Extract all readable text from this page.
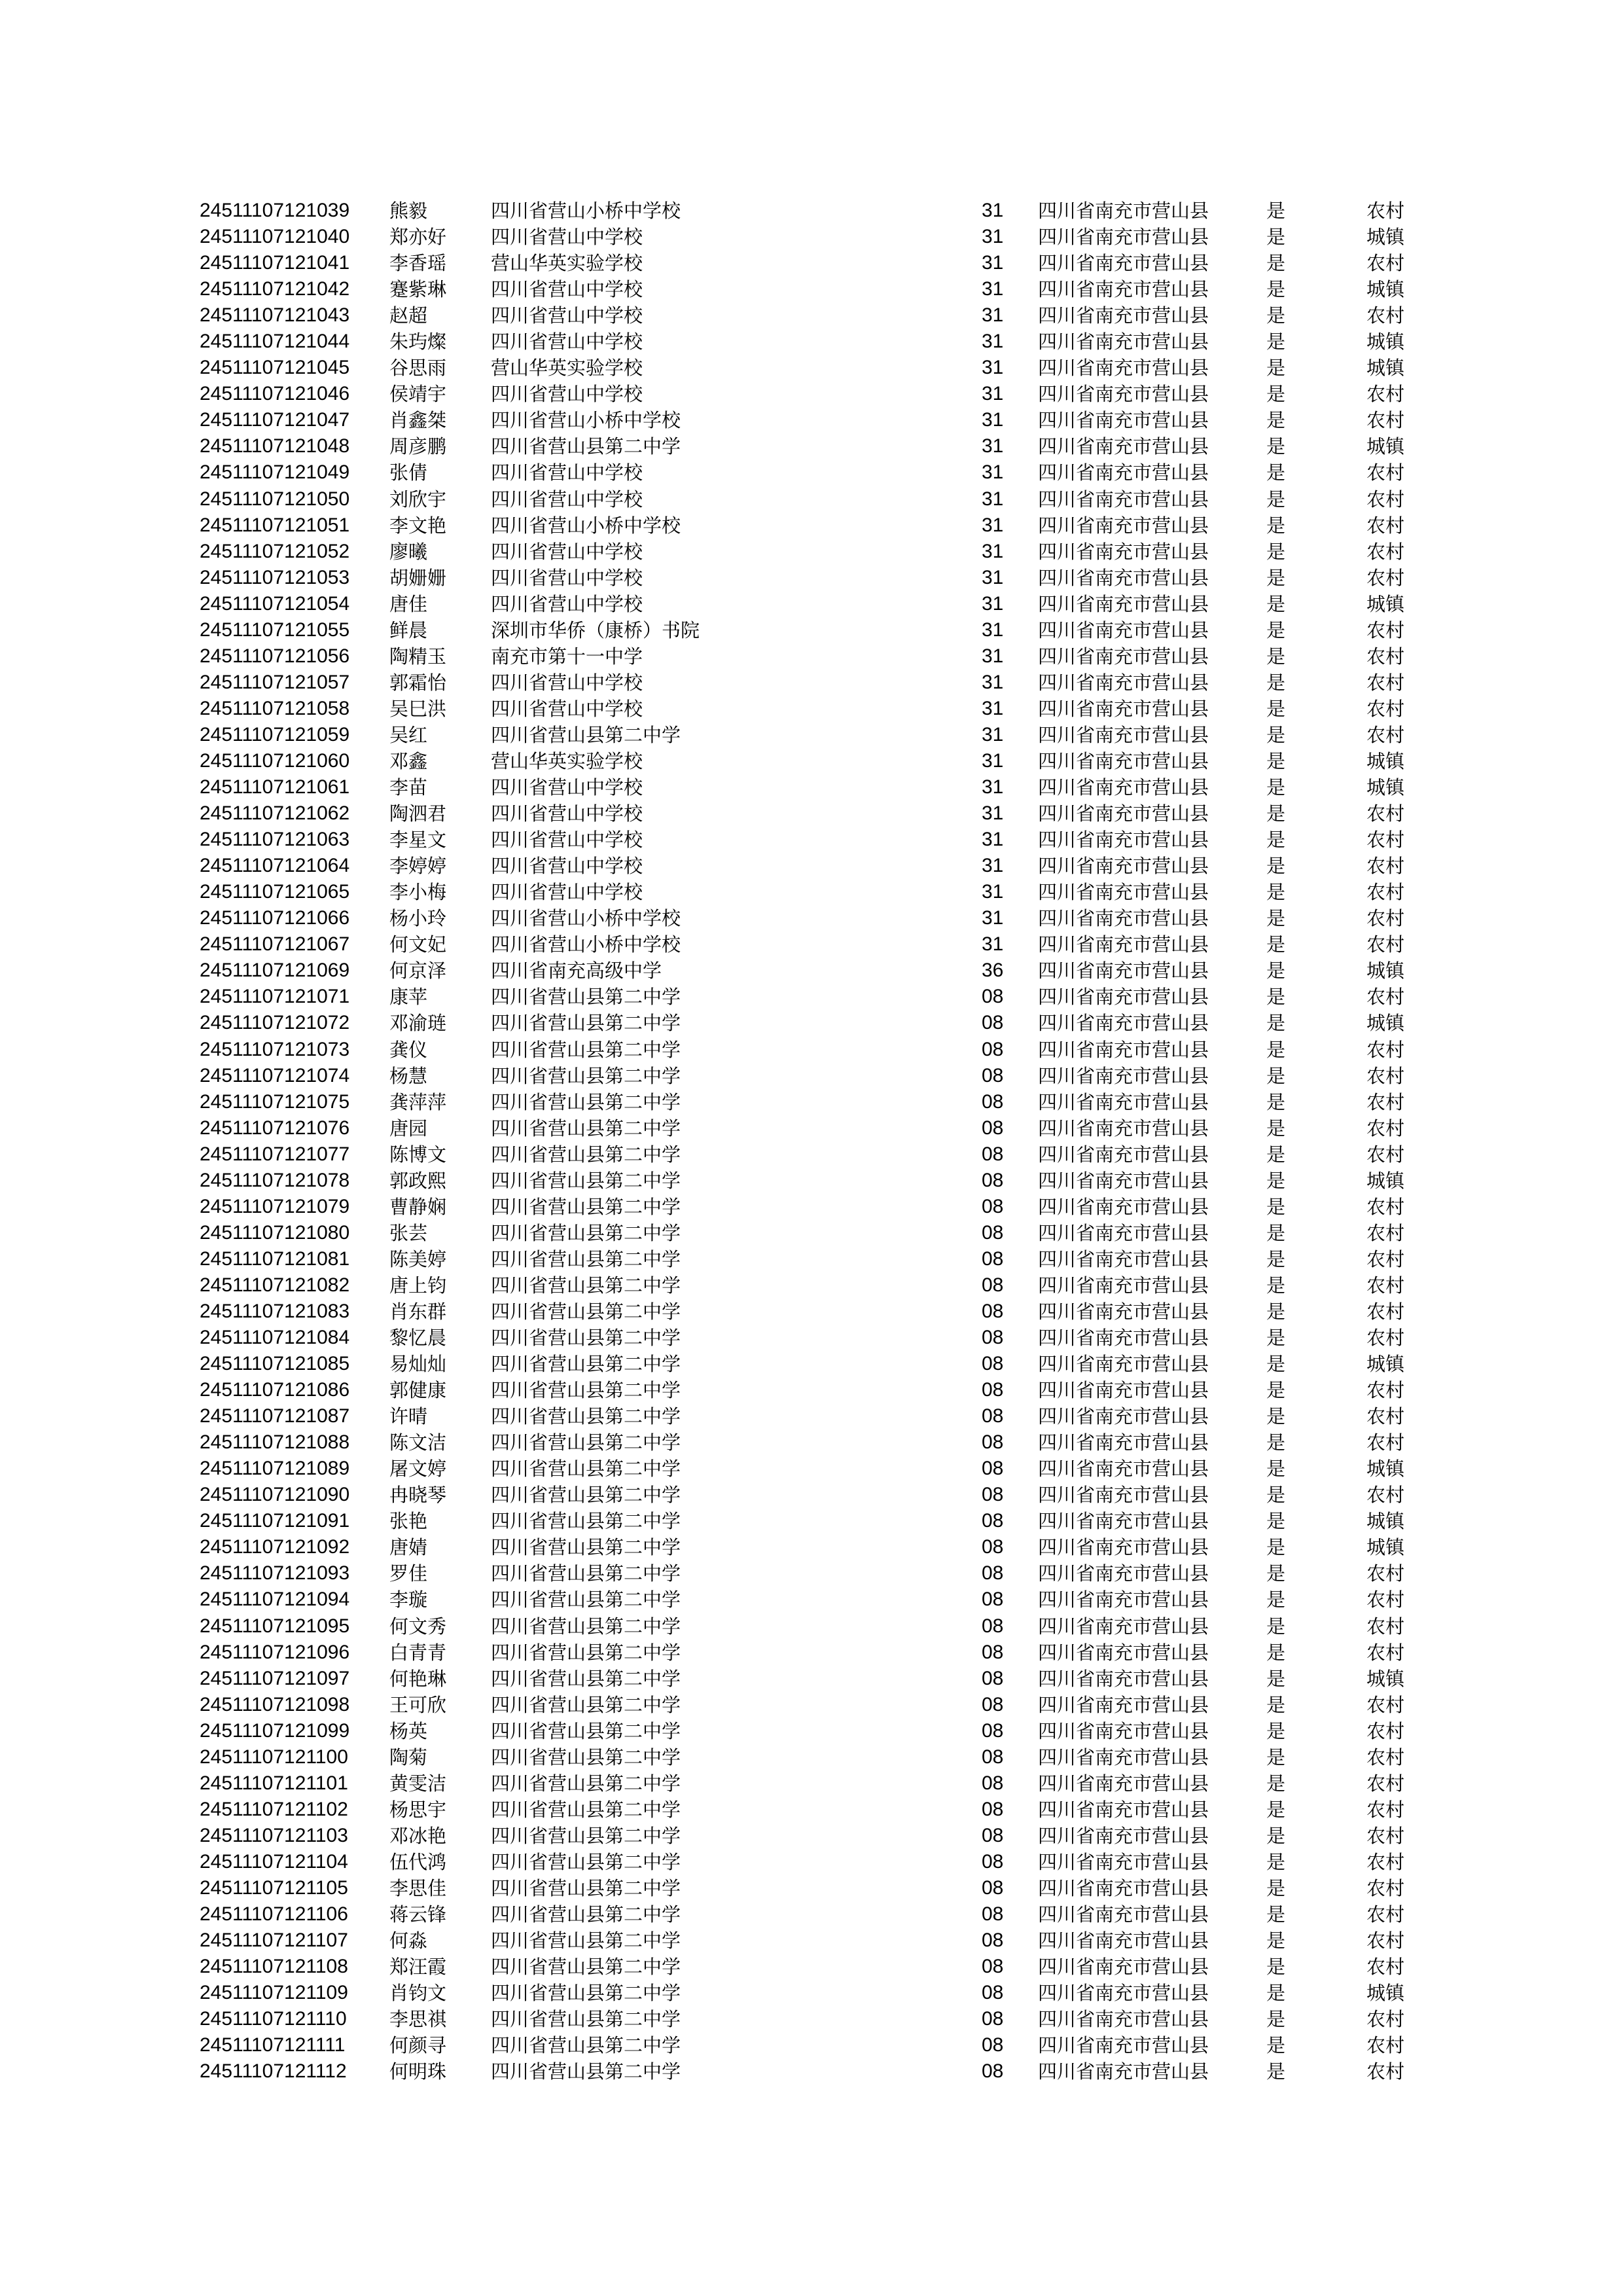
24511107121039 熊毅	四川省营山小桥中学校	31 四川省南充市营山县	是	农村
24511107121040 郑亦好 四川省营山中学校	31 四川省南充市营山县	是	城镇
24511107121041 李香瑶 营山华英实验学校	31 四川省南充市营山县	是	农村
24511107121042 蹇紫琳 四川省营山中学校	31 四川省南充市营山县	是	城镇
24511107121043 赵超	四川省营山中学校	31 四川省南充市营山县	是	农村
24511107121044 朱玙燦 四川省营山中学校	31 四川省南充市营山县	是	城镇
24511107121045 谷思雨 营山华英实验学校	31 四川省南充市营山县	是	城镇
24511107121046 侯靖宇 四川省营山中学校	31 四川省南充市营山县	是	农村
24511107121047 肖鑫桀 四川省营山小桥中学校	31 四川省南充市营山县	是	农村
24511107121048 周彦鹏 四川省营山县第二中学	31 四川省南充市营山县	是	城镇
24511107121049 张倩	四川省营山中学校	31 四川省南充市营山县	是	农村
24511107121050 刘欣宇 四川省营山中学校	31 四川省南充市营山县	是	农村
24511107121051 李文艳 四川省营山小桥中学校	31 四川省南充市营山县	是	农村
24511107121052 廖曦	四川省营山中学校	31 四川省南充市营山县	是	农村
24511107121053 胡姗姗 四川省营山中学校	31 四川省南充市营山县	是	农村
24511107121054 唐佳	四川省营山中学校	31 四川省南充市营山县	是	城镇
24511107121055 鲜晨	深圳市华侨（康桥）书院	31 四川省南充市营山县	是	农村
24511107121056 陶精玉 南充市第十一中学	31 四川省南充市营山县	是	农村
24511107121057 郭霜怡 四川省营山中学校	31 四川省南充市营山县	是	农村
24511107121058 吴巳洪 四川省营山中学校	31 四川省南充市营山县	是	农村
24511107121059 吴红	四川省营山县第二中学	31 四川省南充市营山县	是	农村
24511107121060 邓鑫	营山华英实验学校	31 四川省南充市营山县	是	城镇
24511107121061 李苗	四川省营山中学校	31 四川省南充市营山县	是	城镇
24511107121062 陶泗君 四川省营山中学校	31 四川省南充市营山县	是	农村
24511107121063 李星文 四川省营山中学校	31 四川省南充市营山县	是	农村
24511107121064 李婷婷 四川省营山中学校	31 四川省南充市营山县	是	农村
24511107121065 李小梅 四川省营山中学校	31 四川省南充市营山县	是	农村
24511107121066 杨小玲 四川省营山小桥中学校	31 四川省南充市营山县	是	农村
24511107121067 何文妃 四川省营山小桥中学校	31 四川省南充市营山县	是	农村
24511107121069 何京泽 四川省南充高级中学	36 四川省南充市营山县	是	城镇
24511107121071 康苹	四川省营山县第二中学	08 四川省南充市营山县	是	农村
24511107121072 邓渝琏 四川省营山县第二中学	08 四川省南充市营山县	是	城镇
24511107121073 龚仪	四川省营山县第二中学	08 四川省南充市营山县	是	农村
24511107121074 杨慧	四川省营山县第二中学	08 四川省南充市营山县	是	农村
24511107121075 龚萍萍 四川省营山县第二中学	08 四川省南充市营山县	是	农村
24511107121076 唐园	四川省营山县第二中学	08 四川省南充市营山县	是	农村
24511107121077 陈博文 四川省营山县第二中学	08 四川省南充市营山县	是	农村
24511107121078 郭政熙 四川省营山县第二中学	08 四川省南充市营山县	是	城镇
24511107121079 曹静娴 四川省营山县第二中学	08 四川省南充市营山县	是	农村
24511107121080 张芸	四川省营山县第二中学	08 四川省南充市营山县	是	农村
24511107121081 陈美婷 四川省营山县第二中学	08 四川省南充市营山县	是	农村
24511107121082 唐上钧 四川省营山县第二中学	08 四川省南充市营山县	是	农村
24511107121083 肖东群 四川省营山县第二中学	08 四川省南充市营山县	是	农村
24511107121084 黎忆晨 四川省营山县第二中学	08 四川省南充市营山县	是	农村
24511107121085 易灿灿 四川省营山县第二中学	08 四川省南充市营山县	是	城镇
24511107121086 郭健康 四川省营山县第二中学	08 四川省南充市营山县	是	农村
24511107121087 许晴	四川省营山县第二中学	08 四川省南充市营山县	是	农村
24511107121088 陈文洁 四川省营山县第二中学	08 四川省南充市营山县	是	农村
24511107121089 屠文婷 四川省营山县第二中学	08 四川省南充市营山县	是	城镇
24511107121090 冉晓琴 四川省营山县第二中学	08 四川省南充市营山县	是	农村
24511107121091 张艳	四川省营山县第二中学	08 四川省南充市营山县	是	城镇
24511107121092 唐婧	四川省营山县第二中学	08 四川省南充市营山县	是	城镇
24511107121093 罗佳	四川省营山县第二中学	08 四川省南充市营山县	是	农村
24511107121094 李璇	四川省营山县第二中学	08 四川省南充市营山县	是	农村
24511107121095 何文秀 四川省营山县第二中学	08 四川省南充市营山县	是	农村
24511107121096 白青青 四川省营山县第二中学	08 四川省南充市营山县	是	农村
24511107121097 何艳琳 四川省营山县第二中学	08 四川省南充市营山县	是	城镇
24511107121098 王可欣 四川省营山县第二中学	08 四川省南充市营山县	是	农村
24511107121099 杨英	四川省营山县第二中学	08 四川省南充市营山县	是	农村
24511107121100 陶菊	四川省营山县第二中学	08 四川省南充市营山县	是	农村
24511107121101 黄雯洁 四川省营山县第二中学	08 四川省南充市营山县	是	农村
24511107121102 杨思宇 四川省营山县第二中学	08 四川省南充市营山县	是	农村
24511107121103 邓冰艳 四川省营山县第二中学	08 四川省南充市营山县	是	农村
24511107121104 伍代鸿 四川省营山县第二中学	08 四川省南充市营山县	是	农村
24511107121105 李思佳 四川省营山县第二中学	08 四川省南充市营山县	是	农村
24511107121106 蒋云锋 四川省营山县第二中学	08 四川省南充市营山县	是	农村
24511107121107 何淼	四川省营山县第二中学	08 四川省南充市营山县	是	农村
24511107121108 郑汪霞 四川省营山县第二中学	08 四川省南充市营山县	是	农村
24511107121109 肖钧文 四川省营山县第二中学	08 四川省南充市营山县	是	城镇
24511107121110 李思祺 四川省营山县第二中学	08 四川省南充市营山县	是	农村
24511107121111 何颜寻 四川省营山县第二中学	08 四川省南充市营山县	是	农村
24511107121112 何明珠 四川省营山县第二中学	08 四川省南充市营山县	是	农村
